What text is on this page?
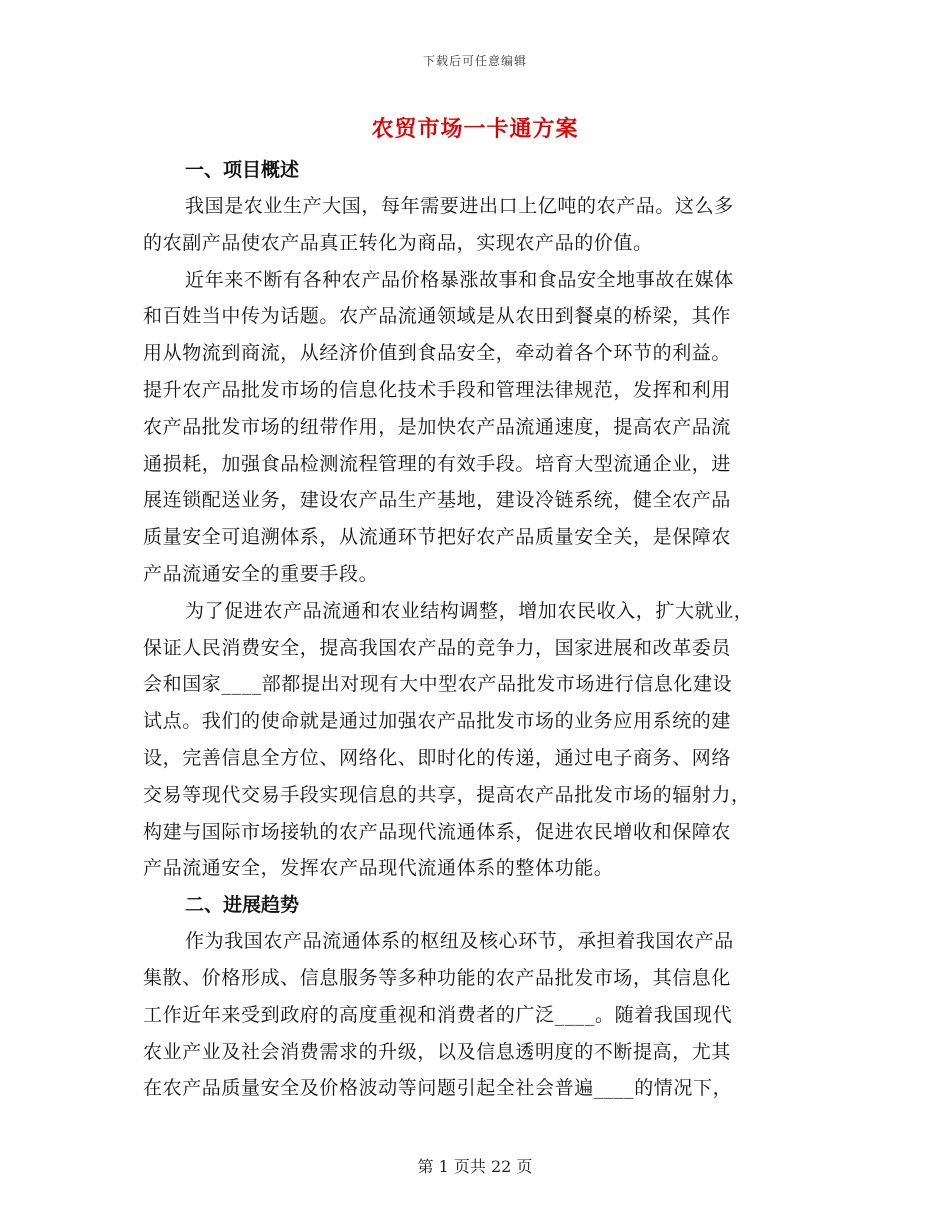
下载后可任意编辑
农贸市场一卡通方案
一、项目概述
我国是农业生产大国，每年需要进出口上亿吨的农产品。这么多
的农副产品使农产品真正转化为商品，实现农产品的价值。
近年来不断有各种农产品价格暴涨故事和食品安全地事故在媒体
和百姓当中传为话题。农产品流通领域是从农田到餐桌的桥梁，其作
用从物流到商流，从经济价值到食品安全，牵动着各个环节的利益。
提升农产品批发市场的信息化技术手段和管理法律规范，发挥和利用
农产品批发市场的纽带作用，是加快农产品流通速度，提高农产品流
通损耗，加强食品检测流程管理的有效手段。培育大型流通企业，进
展连锁配送业务，建设农产品生产基地，建设冷链系统，健全农产品
质量安全可追溯体系，从流通环节把好农产品质量安全关，是保障农
产品流通安全的重要手段。
为了促进农产品流通和农业结构调整，增加农民收入，扩大就业，
保证人民消费安全，提高我国农产品的竞争力，国家进展和改革委员
会和国家____部都提出对现有大中型农产品批发市场进行信息化建设
试点。我们的使命就是通过加强农产品批发市场的业务应用系统的建
设，完善信息全方位、网络化、即时化的传递，通过电子商务、网络
交易等现代交易手段实现信息的共享，提高农产品批发市场的辐射力，
构建与国际市场接轨的农产品现代流通体系，促进农民增收和保障农
产品流通安全，发挥农产品现代流通体系的整体功能。
二、进展趋势
作为我国农产品流通体系的枢纽及核心环节，承担着我国农产品
集散、价格形成、信息服务等多种功能的农产品批发市场，其信息化
工作近年来受到政府的高度重视和消费者的广泛____。随着我国现代
农业产业及社会消费需求的升级，以及信息透明度的不断提高，尤其
在农产品质量安全及价格波动等问题引起全社会普遍____的情况下，
第 1 页共 22 页
